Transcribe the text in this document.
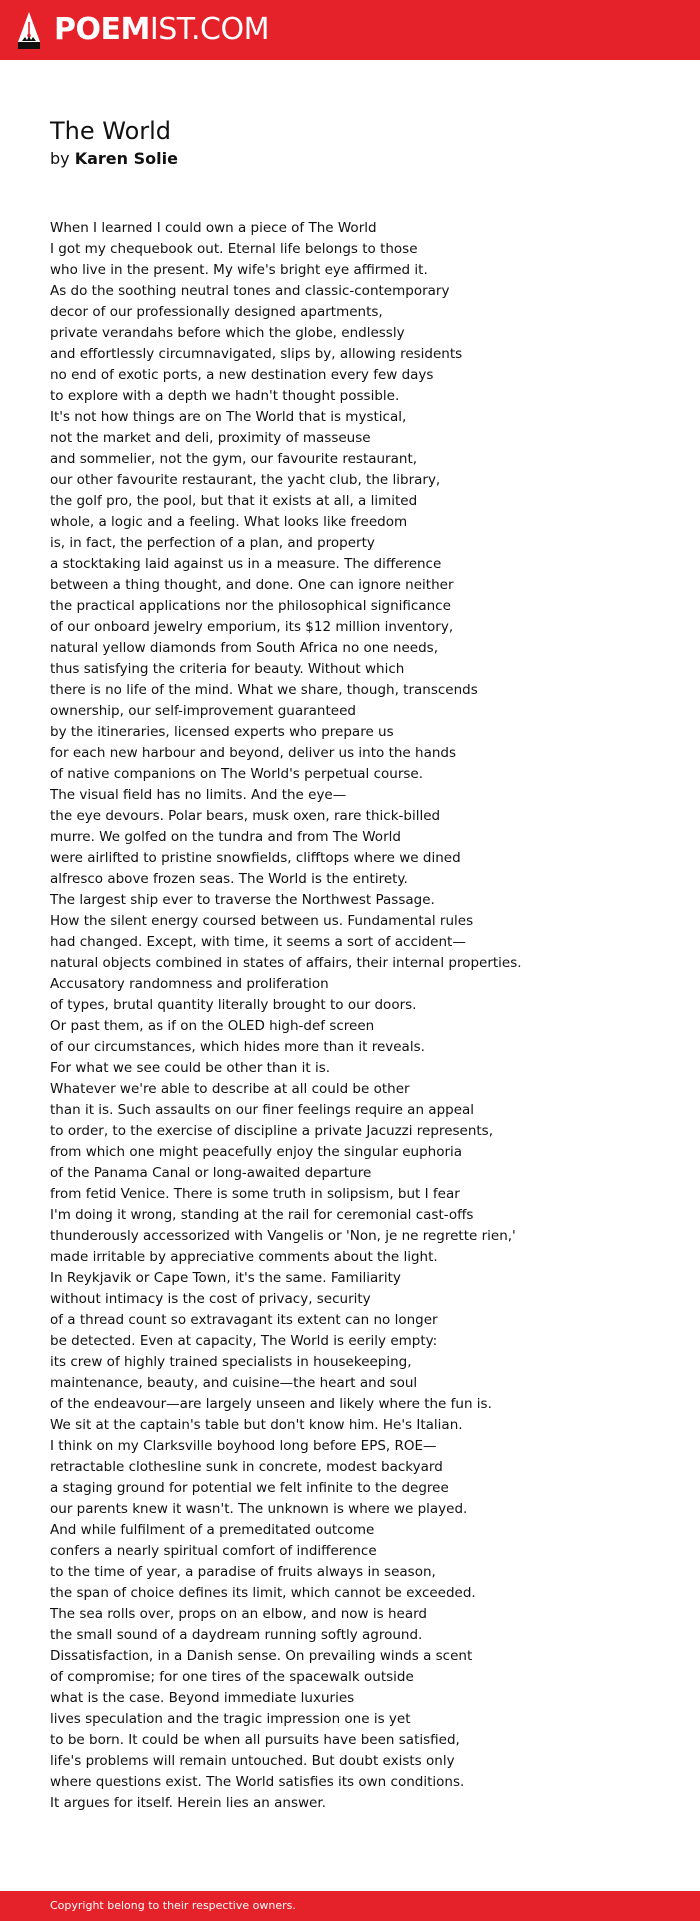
POEMIST.COM
The World

by Karen Solie

When I learned I could own a piece of The World
I got my chequebook out. Eternal life belongs to those
who live in the present. My wife's bright eye affirmed it.
As do the soothing neutral tones and classic-contemporary
decor of our professionally designed apartments,
private verandahs before which the globe, endlessly
and effortlessly circumnavigated, slips by, allowing residents
no end of exotic ports, a new destination every few days
to explore with a depth we hadn't thought possible.
It's not how things are on The World that is mystical,
not the market and deli, proximity of masseuse
and sommelier, not the gym, our favourite restaurant,
our other favourite restaurant, the yacht club, the library,
the golf pro, the pool, but that it exists at all, a limited
whole, a logic and a feeling. What looks like freedom
is, in fact, the perfection of a plan, and property
a stocktaking laid against us in a measure. The difference
between a thing thought, and done. One can ignore neither
the practical applications nor the philosophical significance
of our onboard jewelry emporium, its $12 million inventory,
natural yellow diamonds from South Africa no one needs,
thus satisfying the criteria for beauty. Without which
there is no life of the mind. What we share, though, transcends
ownership, our self-improvement guaranteed
by the itineraries, licensed experts who prepare us
for each new harbour and beyond, deliver us into the hands
of native companions on The World's perpetual course.
The visual field has no limits. And the eye—
the eye devours. Polar bears, musk oxen, rare thick-billed
murre. We golfed on the tundra and from The World
were airlifted to pristine snowfields, clifftops where we dined
alfresco above frozen seas. The World is the entirety.
The largest ship ever to traverse the Northwest Passage.
How the silent energy coursed between us. Fundamental rules
had changed. Except, with time, it seems a sort of accident—
natural objects combined in states of affairs, their internal properties.
Accusatory randomness and proliferation
of types, brutal quantity literally brought to our doors.
Or past them, as if on the OLED high-def screen
of our circumstances, which hides more than it reveals.
For what we see could be other than it is.
Whatever we're able to describe at all could be other
than it is. Such assaults on our finer feelings require an appeal
to order, to the exercise of discipline a private Jacuzzi represents,
from which one might peacefully enjoy the singular euphoria
of the Panama Canal or long-awaited departure
from fetid Venice. There is some truth in solipsism, but I fear
I'm doing it wrong, standing at the rail for ceremonial cast-offs
thunderously accessorized with Vangelis or 'Non, je ne regrette rien,'
made irritable by appreciative comments about the light.
In Reykjavik or Cape Town, it's the same. Familiarity
without intimacy is the cost of privacy, security
of a thread count so extravagant its extent can no longer
be detected. Even at capacity, The World is eerily empty:
its crew of highly trained specialists in housekeeping,
maintenance, beauty, and cuisine—the heart and soul
of the endeavour—are largely unseen and likely where the fun is.
We sit at the captain's table but don't know him. He's Italian.
I think on my Clarksville boyhood long before EPS, ROE—
retractable clothesline sunk in concrete, modest backyard
a staging ground for potential we felt infinite to the degree
our parents knew it wasn't. The unknown is where we played.
And while fulfilment of a premeditated outcome
confers a nearly spiritual comfort of indifference
to the time of year, a paradise of fruits always in season,
the span of choice defines its limit, which cannot be exceeded.
The sea rolls over, props on an elbow, and now is heard
the small sound of a daydream running softly aground.
Dissatisfaction, in a Danish sense. On prevailing winds a scent
of compromise; for one tires of the spacewalk outside
what is the case. Beyond immediate luxuries
lives speculation and the tragic impression one is yet
to be born. It could be when all pursuits have been satisfied,
life's problems will remain untouched. But doubt exists only
where questions exist. The World satisfies its own conditions.
It argues for itself. Herein lies an answer.
Copyright belong to their respective owners.
